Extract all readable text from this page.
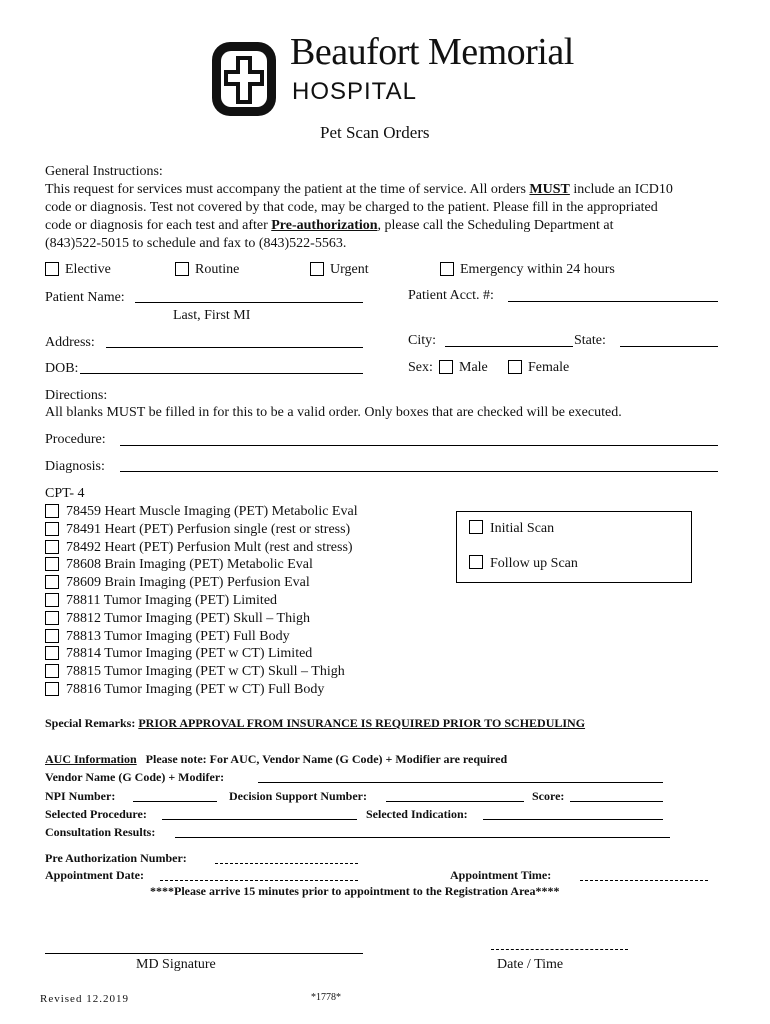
Beaufort Memorial
HOSPITAL
Pet Scan Orders
General Instructions:
This request for services must accompany the patient at the time of service. All orders MUST include an ICD10
code or diagnosis. Test not covered by that code, may be charged to the patient. Please fill in the appropriated
code or diagnosis for each test and after Pre-authorization, please call the Scheduling Department at
(843)522-5015 to schedule and fax to (843)522-5563.
Elective	Routine	Urgent	Emergency within 24 hours
Patient Name:
Last, First MI
Patient Acct. #:
Address:	City:	State:
DOB:	Sex: Male	Female
Directions:
All blanks MUST be filled in for this to be a valid order. Only boxes that are checked will be executed.
Procedure:
Diagnosis:
CPT- 4
78459 Heart Muscle Imaging (PET) Metabolic Eval
78491 Heart (PET) Perfusion single (rest or stress)
78492 Heart (PET) Perfusion Mult (rest and stress)
78608 Brain Imaging (PET) Metabolic Eval
78609 Brain Imaging (PET) Perfusion Eval
78811 Tumor Imaging (PET) Limited
78812 Tumor Imaging (PET) Skull – Thigh
78813 Tumor Imaging (PET) Full Body
78814 Tumor Imaging (PET w CT) Limited
78815 Tumor Imaging (PET w CT) Skull – Thigh
78816 Tumor Imaging (PET w CT) Full Body
Initial Scan
Follow up Scan
Special Remarks: PRIOR APPROVAL FROM INSURANCE IS REQUIRED PRIOR TO SCHEDULING
AUC Information Please note: For AUC, Vendor Name (G Code) + Modifier are required
Vendor Name (G Code) + Modifer:
NPI Number:	Decision Support Number:	Score:
Selected Procedure:	Selected Indication:
Consultation Results:
Pre Authorization Number:
Appointment Date:	Appointment Time:
****Please arrive 15 minutes prior to appointment to the Registration Area****
MD Signature	Date / Time
Revised 12.2019	*1778*
